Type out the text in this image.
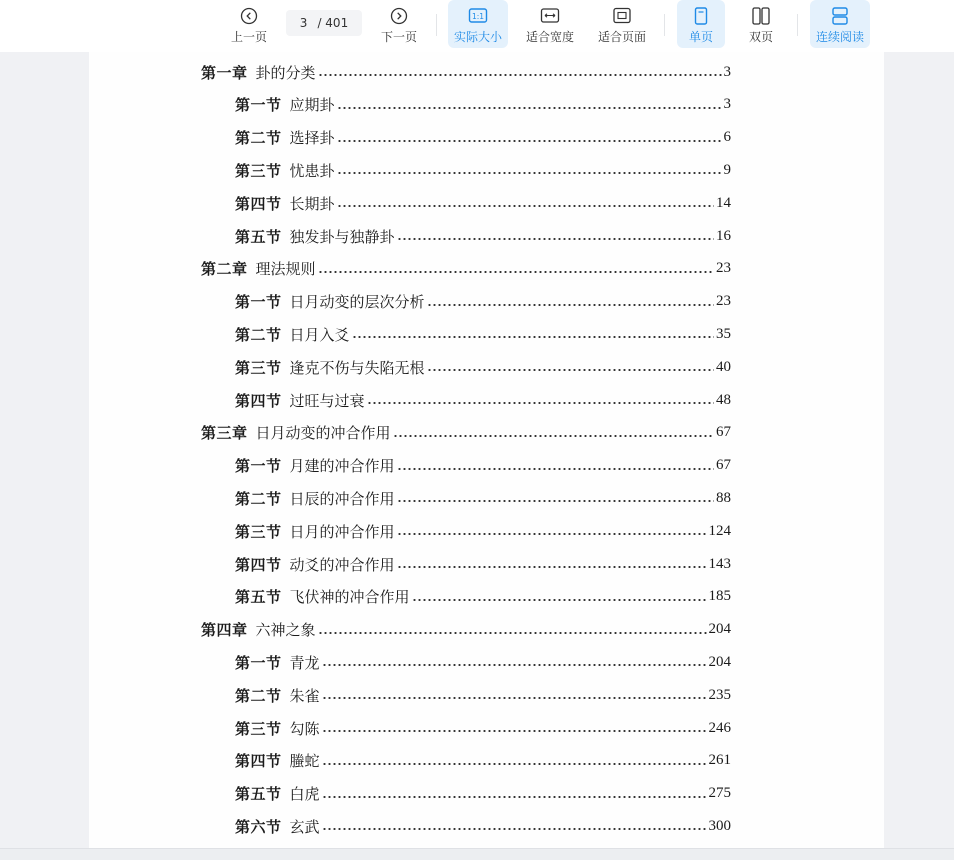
上一页
3 / 401
下一页
1:1
实际大小 适合宽度 适合页面	单页	双页	连续阅读
第一章 卦的分类	3
第一节 应期卦	3
第二节 选择卦	6
第三节 忧患卦	9
第四节 长期卦	14
第五节 独发卦与独静卦	16
第二章 理法规则	23
第一节 日月动变的层次分析	23
第二节 日月入爻	35
第三节 逢克不伤与失陷无根	40
第四节 过旺与过衰	48
第三章 日月动变的冲合作用	67
第一节 月建的冲合作用	67
第二节 日辰的冲合作用	88
第三节 日月的冲合作用	124
第四节 动爻的冲合作用	143
第五节 飞伏神的冲合作用	185
第四章 六神之象	204
第一节 青龙	204
第二节 朱雀	235
第三节 勾陈	246
第四节 螣蛇	261
第五节 白虎	275
第六节 玄武	300
